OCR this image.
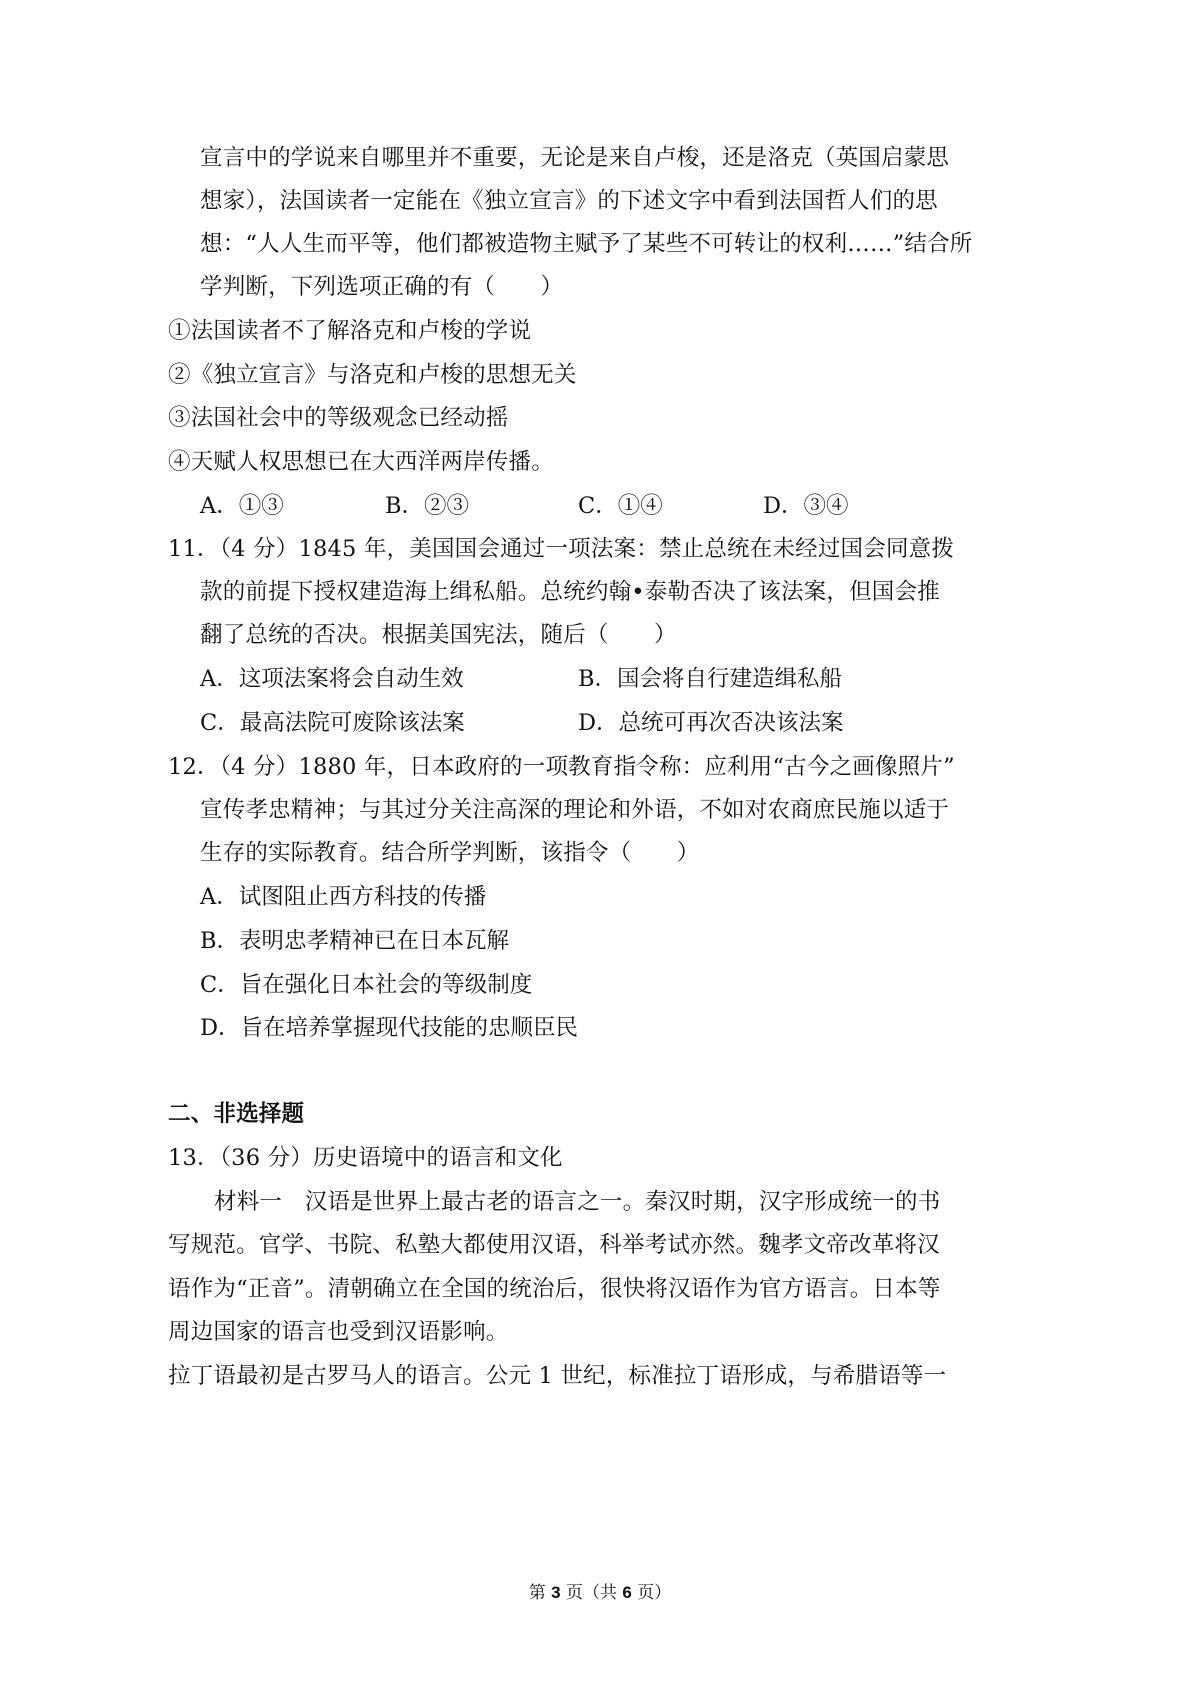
宣言中的学说来自哪里并不重要，无论是来自卢梭，还是洛克（英国启蒙思
想家），法国读者一定能在《独立宣言》的下述文字中看到法国哲人们的思
想：“人人生而平等，他们都被造物主赋予了某些不可转让的权利……”结合所
学判断，下列选项正确的有（　　）
①法国读者不了解洛克和卢梭的学说
②《独立宣言》与洛克和卢梭的思想无关
③法国社会中的等级观念已经动摇
④天赋人权思想已在大西洋两岸传播。
A．①③	B．②③	C．①④	D．③④
11．（4 分）1845 年，美国国会通过一项法案：禁止总统在未经过国会同意拨
款的前提下授权建造海上缉私船。总统约翰•泰勒否决了该法案，但国会推
翻了总统的否决。根据美国宪法，随后（　　）
A．这项法案将会自动生效	B．国会将自行建造缉私船
C．最高法院可废除该法案	D．总统可再次否决该法案
12．（4 分）1880 年，日本政府的一项教育指令称：应利用“古今之画像照片”
宣传孝忠精神；与其过分关注高深的理论和外语，不如对农商庶民施以适于
生存的实际教育。结合所学判断，该指令（　　）
A．试图阻止西方科技的传播
B．表明忠孝精神已在日本瓦解
C．旨在强化日本社会的等级制度
D．旨在培养掌握现代技能的忠顺臣民
二、非选择题
13．（36 分）历史语境中的语言和文化
材料一　汉语是世界上最古老的语言之一。秦汉时期，汉字形成统一的书
写规范。官学、书院、私塾大都使用汉语，科举考试亦然。魏孝文帝改革将汉
语作为“正音”。清朝确立在全国的统治后，很快将汉语作为官方语言。日本等
周边国家的语言也受到汉语影响。
拉丁语最初是古罗马人的语言。公元 1 世纪，标准拉丁语形成，与希腊语等一
第 3 页（共 6 页）
